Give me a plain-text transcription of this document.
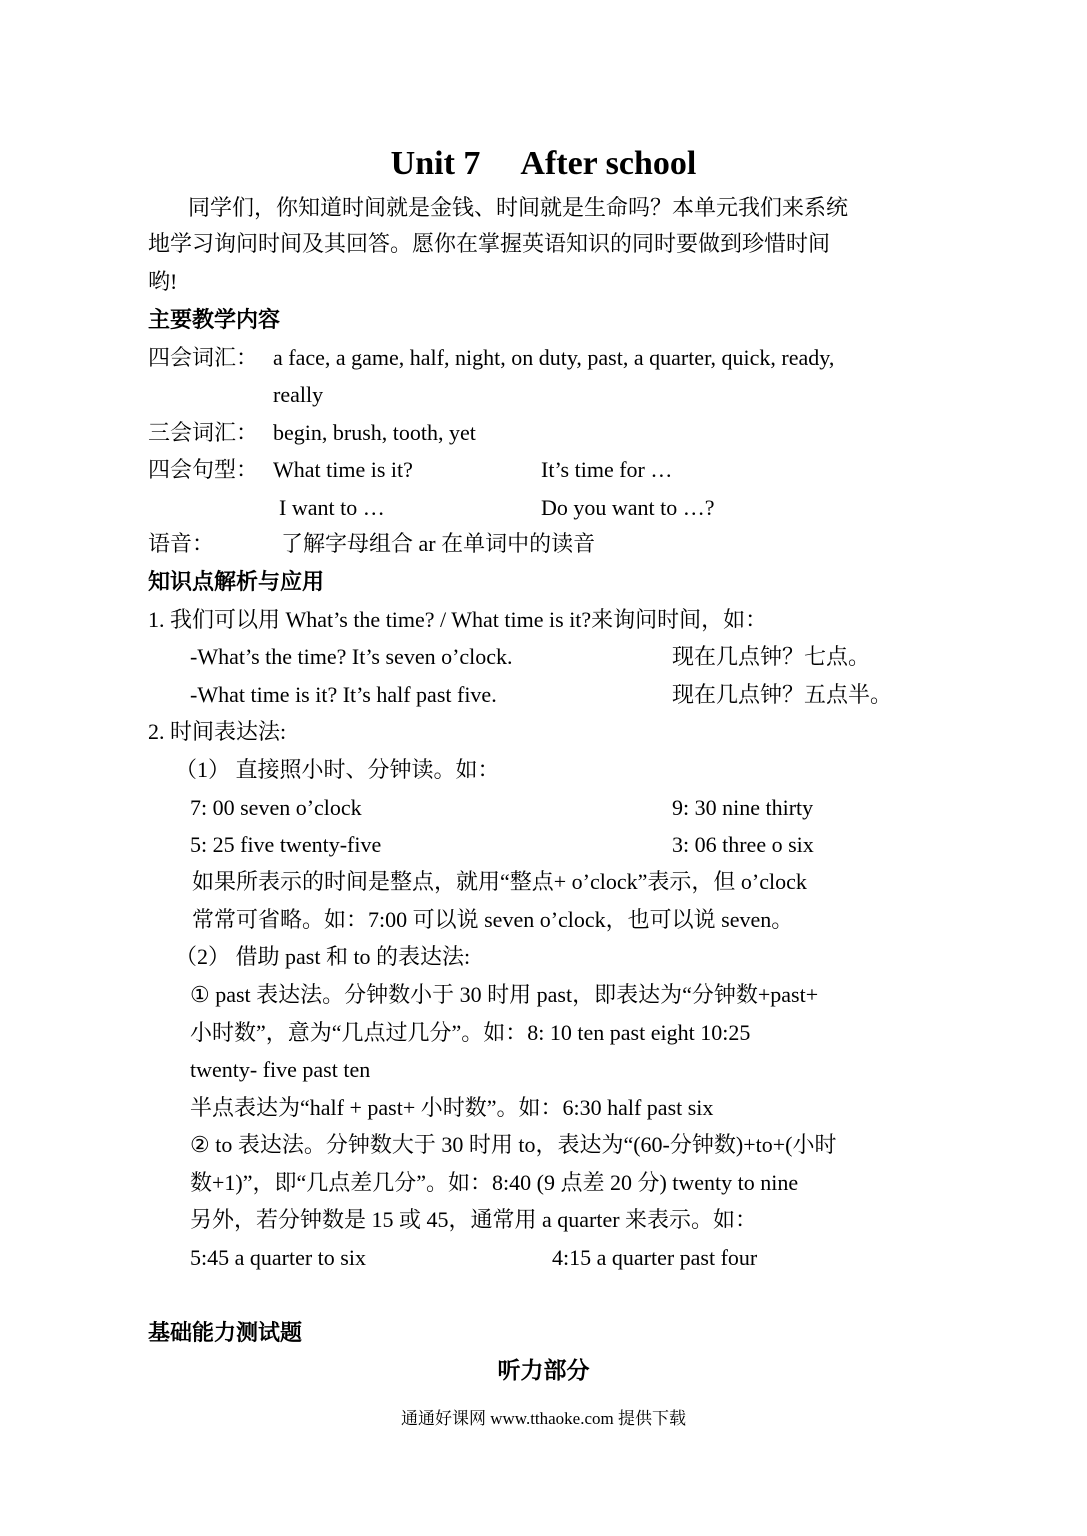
Unit 7 After school
同学们，你知道时间就是金钱、时间就是生命吗？本单元我们来系统
地学习询问时间及其回答。愿你在掌握英语知识的同时要做到珍惜时间
哟!
主要教学内容
四会词汇： a face, a game, half, night, on duty, past, a quarter, quick, ready,
really
三会词汇： begin, brush, tooth, yet
四会句型： What time is it?	It’s time for …
I want to …	Do you want to …?
语音：	了解字母组合 ar 在单词中的读音
知识点解析与应用
1. 我们可以用 What’s the time? / What time is it?来询问时间，如：
-What’s the time? It’s seven o’clock.	现在几点钟？七点。
-What time is it? It’s half past five.	现在几点钟？五点半。
2. 时间表达法:
（1） 直接照小时、分钟读。如：
7: 00 seven o’clock	9: 30 nine thirty
5: 25 five twenty-five	3: 06 three o six
如果所表示的时间是整点，就用“整点+ o’clock”表示，但 o’clock
常常可省略。如：7:00 可以说 seven o’clock，也可以说 seven。
（2） 借助 past 和 to 的表达法:
① past 表达法。分钟数小于 30 时用 past，即表达为“分钟数+past+
小时数”，意为“几点过几分”。如：8: 10 ten past eight 10:25
twenty- five past ten
半点表达为“half + past+ 小时数”。如：6:30 half past six
② to 表达法。分钟数大于 30 时用 to，表达为“(60-分钟数)+to+(小时
数+1)”，即“几点差几分”。如：8:40 (9 点差 20 分) twenty to nine
另外，若分钟数是 15 或 45，通常用 a quarter 来表示。如：
5:45 a quarter to six	4:15 a quarter past four
基础能力测试题
听力部分
通通好课网 www.tthaoke.com 提供下载
